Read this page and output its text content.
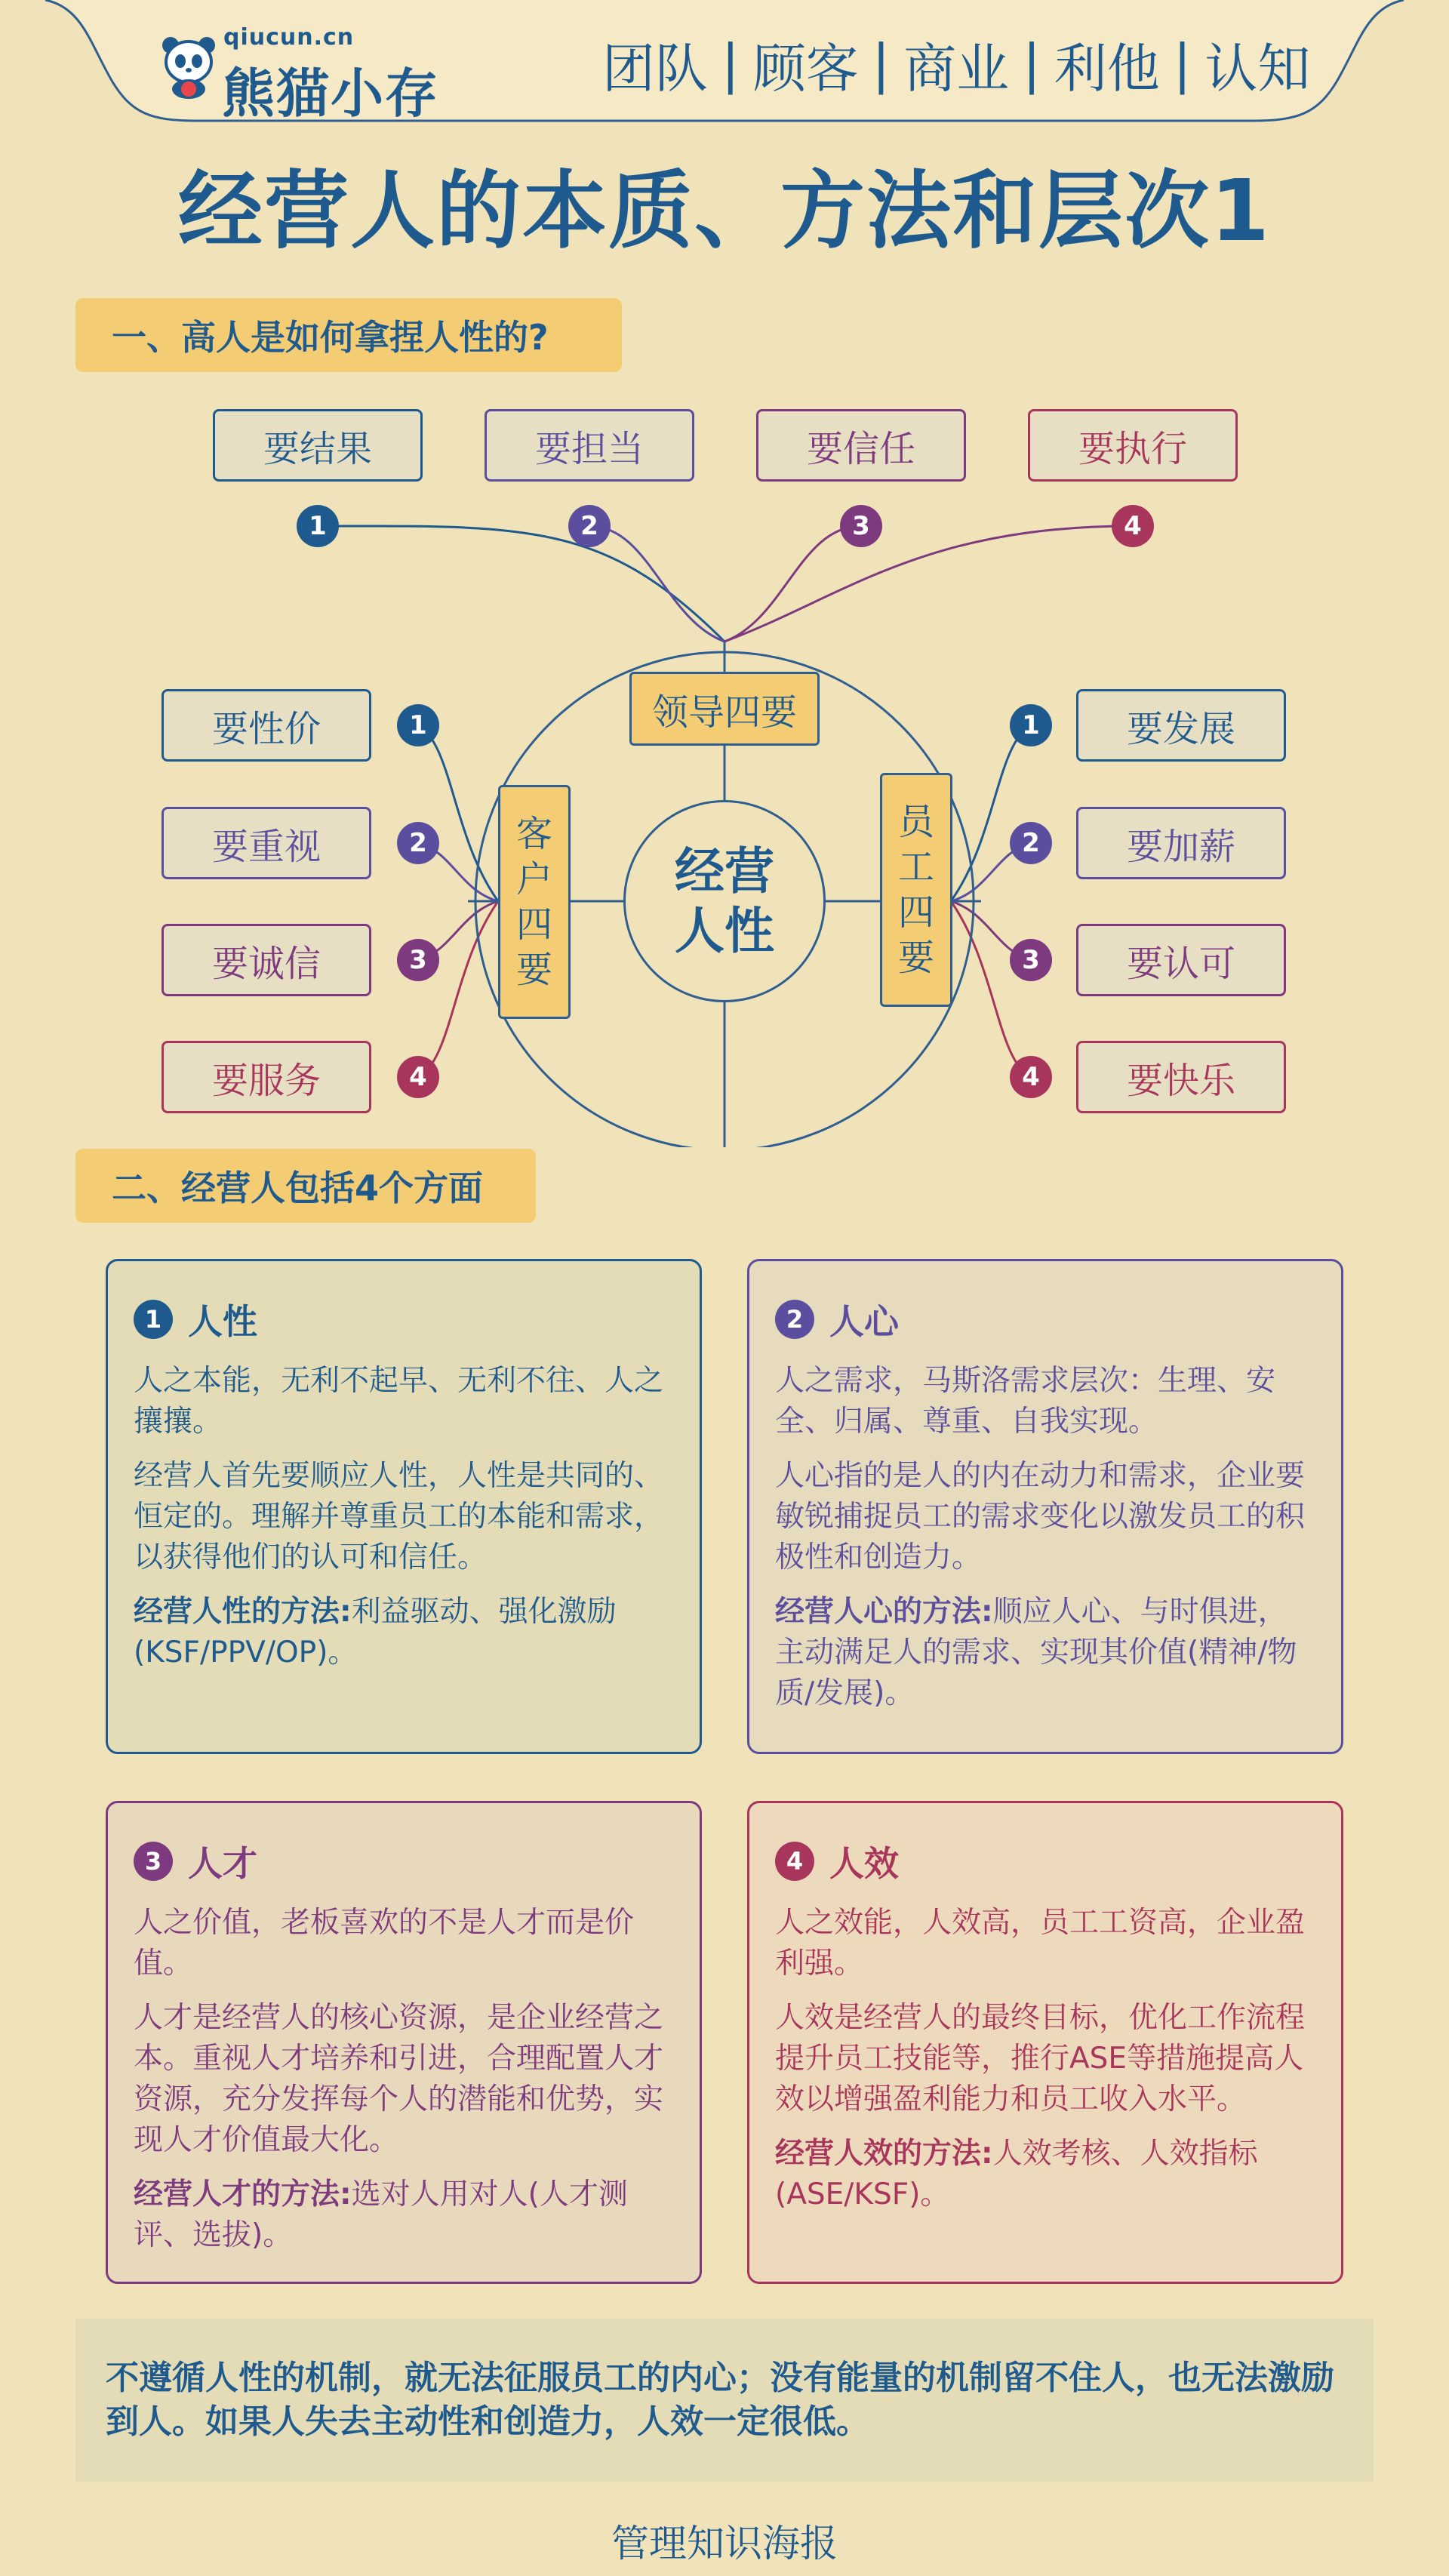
qiucun.cn
熊猫小存	团队 | 顾客 | 商业 | 利他 | 认知
经营人的本质、方法和层次1
一、高人是如何拿捏人性的?
要结果	要担当	要信任	要执行
1	2	3	4
要性价
要重视
要诚信
要服务
1
2
3
4
要发展
要加薪
要认可
要快乐
1
2
3
4
领导四要
客
户
四
要
员
工
四
要
经营
人性
二、经营人包括4个方面
1 人性

人之本能，无利不起早、无利不往、人之攘攘。

经营人首先要顺应人性，人性是共同的、恒定的。理解并尊重员工的本能和需求，以获得他们的认可和信任。

经营人性的方法:利益驱动、强化激励(KSF/PPV/OP)。

2 人心

人之需求，马斯洛需求层次：生理、安全、归属、尊重、自我实现。

人心指的是人的内在动力和需求，企业要敏锐捕捉员工的需求变化以激发员工的积极性和创造力。

经营人心的方法:顺应人心、与时俱进，主动满足人的需求、实现其价值(精神/物质/发展)。

3 人才

人之价值，老板喜欢的不是人才而是价值。

人才是经营人的核心资源，是企业经营之本。重视人才培养和引进，合理配置人才资源，充分发挥每个人的潜能和优势，实现人才价值最大化。

经营人才的方法:选对人用对人(人才测评、选拔)。

4 人效

人之效能，人效高，员工工资高，企业盈利强。

人效是经营人的最终目标，优化工作流程提升员工技能等，推行ASE等措施提高人效以增强盈利能力和员工收入水平。

经营人效的方法:人效考核、人效指标(ASE/KSF)。

不遵循人性的机制，就无法征服员工的内心；没有能量的机制留不住人，也无法激励到人。如果人失去主动性和创造力，人效一定很低。
管理知识海报
